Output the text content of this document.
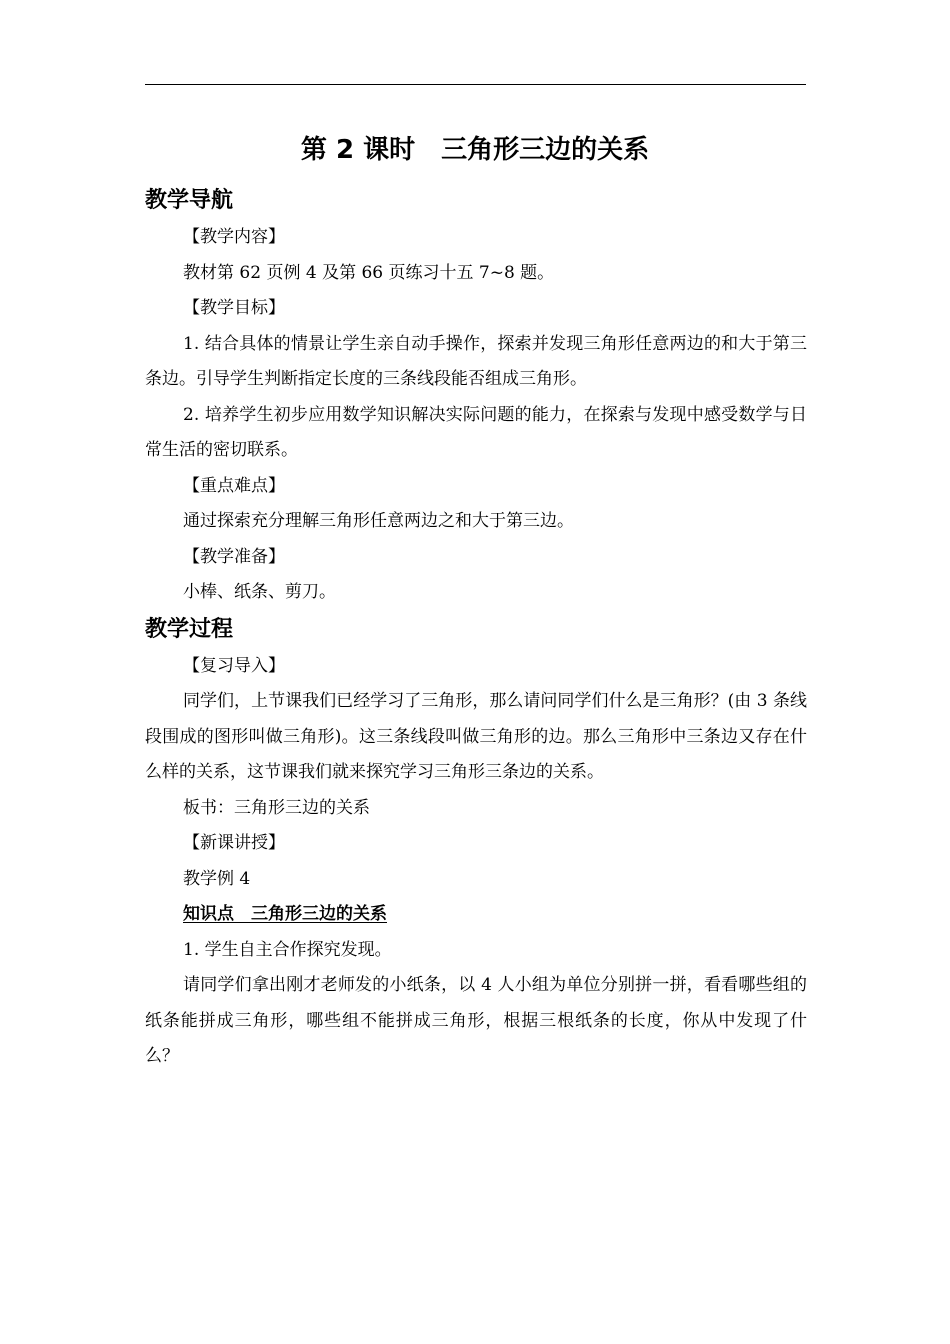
第 2 课时　三角形三边的关系
教学导航
【教学内容】
教材第 62 页例 4 及第 66 页练习十五 7~8 题。
【教学目标】
1. 结合具体的情景让学生亲自动手操作，探索并发现三角形任意两边的和大于第三条边。引导学生判断指定长度的三条线段能否组成三角形。
2. 培养学生初步应用数学知识解决实际问题的能力，在探索与发现中感受数学与日常生活的密切联系。
【重点难点】
通过探索充分理解三角形任意两边之和大于第三边。
【教学准备】
小棒、纸条、剪刀。
教学过程
【复习导入】
同学们，上节课我们已经学习了三角形，那么请问同学们什么是三角形？(由 3 条线段围成的图形叫做三角形)。这三条线段叫做三角形的边。那么三角形中三条边又存在什么样的关系，这节课我们就来探究学习三角形三条边的关系。
板书：三角形三边的关系
【新课讲授】
教学例 4
知识点　三角形三边的关系
1. 学生自主合作探究发现。
请同学们拿出刚才老师发的小纸条，以 4 人小组为单位分别拼一拼，看看哪些组的纸条能拼成三角形，哪些组不能拼成三角形，根据三根纸条的长度，你从中发现了什么？
